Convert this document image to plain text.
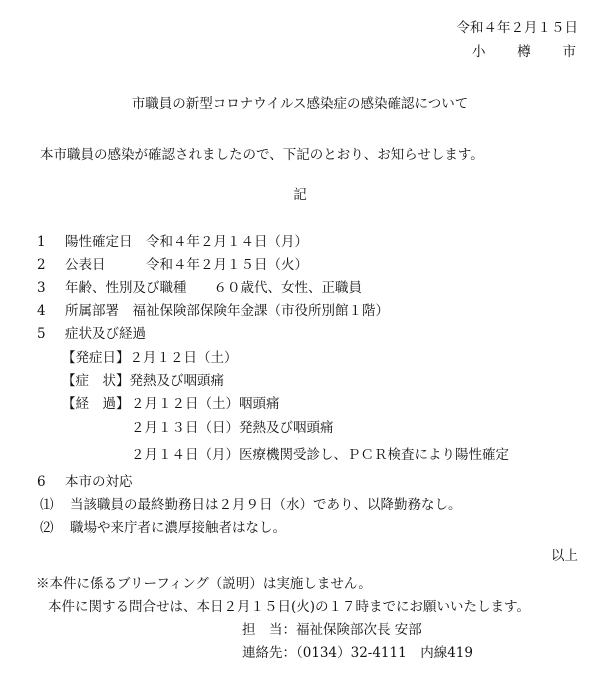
令和４年２月１５日
小　樽　市
市職員の新型コロナウイルス感染症の感染確認について
本市職員の感染が確認されましたので、下記のとおり、お知らせします。
記
1 陽性確定日　令和４年２月１４日（月）
2 公表日　　　令和４年２月１５日（火）
3 年齢、性別及び職種　　６０歳代、女性、正職員
4 所属部署　福祉保険部保険年金課（市役所別館１階）
5 症状及び経過
【発症日】２月１２日（土）
【症　状】発熱及び咽頭痛
【経　過】 ２月１２日（土）咽頭痛
２月１３日（日）発熱及び咽頭痛
２月１４日（月）医療機関受診し、ＰＣＲ検査により陽性確定
6 本市の対応
⑴ 当該職員の最終勤務日は２月９日（水）であり、以降勤務なし。
⑵ 職場や来庁者に濃厚接触者はなし。
以上
※本件に係るブリーフィング（説明）は実施しません。
本件に関する問合せは、本日２月１５日(火)の１７時までにお願いいたします。
担　当：福祉保険部次長 安部
連絡先：（0134）32-4111　内線419
